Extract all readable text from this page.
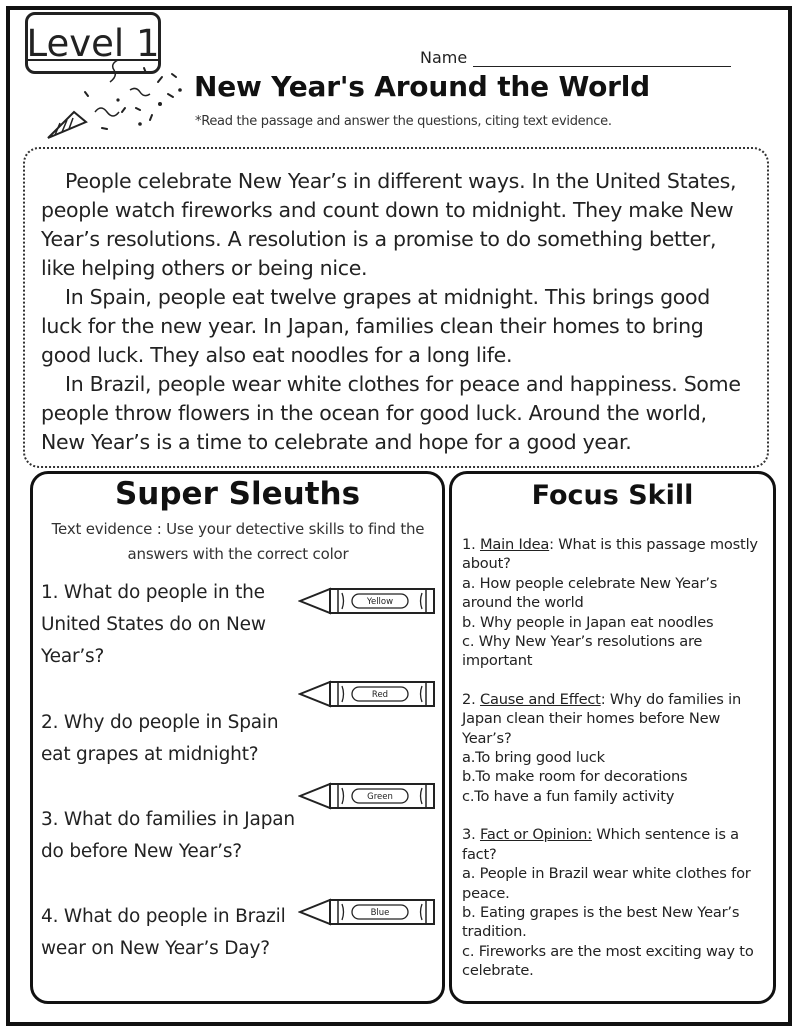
Level 1	Name
New Year's Around the World
*Read the passage and answer the questions, citing text evidence.

People celebrate New Year’s in different ways. In the United States, people watch fireworks and count down to midnight. They make New Year’s resolutions. A resolution is a promise to do something better, like helping others or being nice.

In Spain, people eat twelve grapes at midnight. This brings good luck for the new year. In Japan, families clean their homes to bring good luck. They also eat noodles for a long life.

In Brazil, people wear white clothes for peace and happiness. Some people throw flowers in the ocean for good luck. Around the world, New Year’s is a time to celebrate and hope for a good year.

Super Sleuths
Text evidence : Use your detective skills to find the answers with the correct color
1. What do people in the United States do on New Year’s?
2. Why do people in Spain eat grapes at midnight?
3. What do families in Japan do before New Year’s?
4. What do people in Brazil wear on New Year’s Day?
Yellow
Red
Green
Blue
Focus Skill
1. Main Idea: What is this passage mostly about?
a. How people celebrate New Year’s around the world
b. Why people in Japan eat noodles
c. Why New Year’s resolutions are important
2. Cause and Effect: Why do families in Japan clean their homes before New Year’s?
a.To bring good luck
b.To make room for decorations
c.To have a fun family activity
3. Fact or Opinion: Which sentence is a fact?
a. People in Brazil wear white clothes for peace.
b. Eating grapes is the best New Year’s tradition.
c. Fireworks are the most exciting way to celebrate.
